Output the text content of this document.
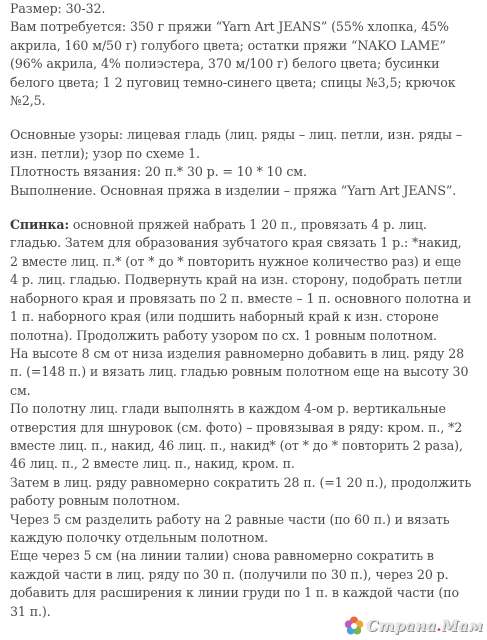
Размер: 30-32.
Вам потребуется: 350 г пряжи “Yarn Art JEANS” (55% хлопка, 45%
акрила, 160 м/50 г) голубого цвета; остатки пряжи “NAKO LAME”
(96% акрила, 4% полиэстера, 370 м/100 г) белого цвета; бусинки
белого цвета; 1 2 пуговиц темно-синего цвета; спицы №3,5; крючок
№2,5.

Основные узоры: лицевая гладь (лиц. ряды – лиц. петли, изн. ряды –
изн. петли); узор по схеме 1.
Плотность вязания: 20 п.* 30 р. = 10 * 10 см.
Выполнение. Основная пряжа в изделии – пряжа “Yarn Art JEANS”.

Спинка: основной пряжей набрать 1 20 п., провязать 4 р. лиц.
гладью. Затем для образования зубчатого края связать 1 р.: *накид,
2 вместе лиц. п.* (от * до * повторить нужное количество раз) и еще
4 р. лиц. гладью. Подвернуть край на изн. сторону, подобрать петли
наборного края и провязать по 2 п. вместе – 1 п. основного полотна и
1 п. наборного края (или подшить наборный край к изн. стороне
полотна). Продолжить работу узором по сх. 1 ровным полотном.
На высоте 8 см от низа изделия равномерно добавить в лиц. ряду 28
п. (=148 п.) и вязать лиц. гладью ровным полотном еще на высоту 30
см.
По полотну лиц. глади выполнять в каждом 4-ом р. вертикальные
отверстия для шнуровок (см. фото) – провязывая в ряду: кром. п., *2
вместе лиц. п., накид, 46 лиц. п., накид* (от * до * повторить 2 раза),
46 лиц. п., 2 вместе лиц. п., накид, кром. п.
Затем в лиц. ряду равномерно сократить 28 п. (=1 20 п.), продолжить
работу ровным полотном.
Через 5 см разделить работу на 2 равные части (по 60 п.) и вязать
каждую полочку отдельным полотном.
Еще через 5 см (на линии талии) снова равномерно сократить в
каждой части в лиц. ряду по 30 п. (получили по 30 п.), через 20 р.
добавить для расширения к линии груди по 1 п. в каждой части (по
31 п.).

Страна.Мам
